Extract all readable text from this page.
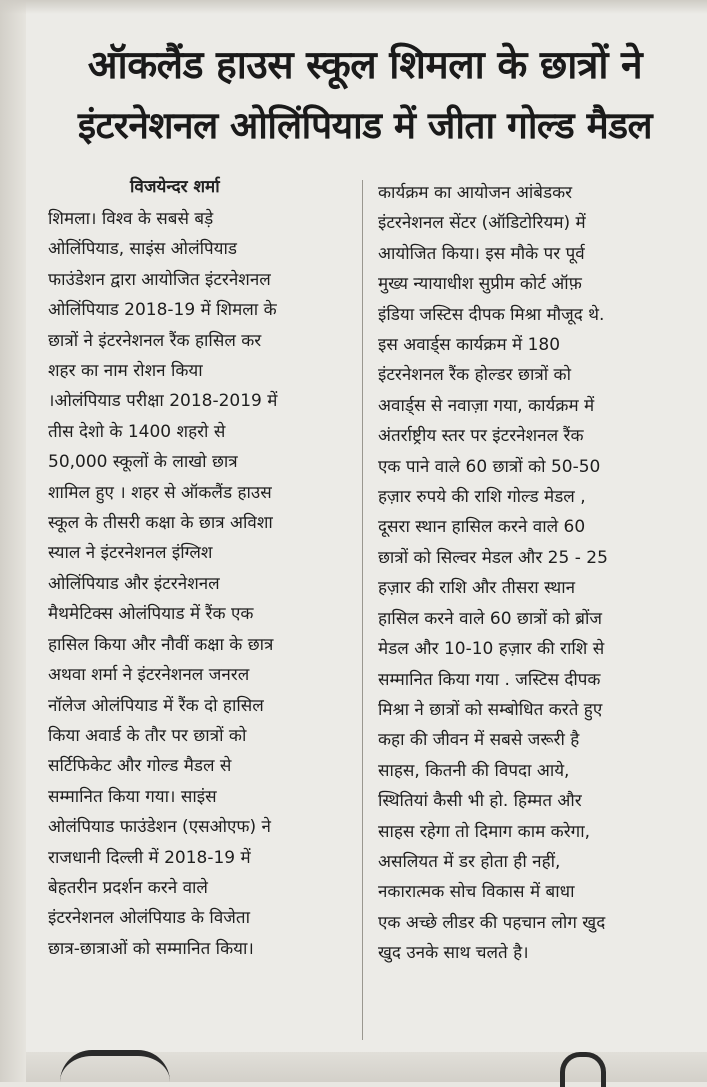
ऑकलैंड हाउस स्कूल शिमला के छात्रों ने
इंटरनेशनल ओलिंपियाड में जीता गोल्ड मैडल
विजयेन्दर शर्मा
शिमला। विश्व के सबसे बड़े
ओलिंपियाड, साइंस ओलंपियाड
फाउंडेशन द्वारा आयोजित इंटरनेशनल
ओलिंपियाड 2018-19 में शिमला के
छात्रों ने इंटरनेशनल रैंक हासिल कर
शहर का नाम रोशन किया
।ओलंपियाड परीक्षा 2018-2019 में
तीस देशो के 1400 शहरो से
50,000 स्कूलों के लाखो छात्र
शामिल हुए । शहर से ऑकलैंड हाउस
स्कूल के तीसरी कक्षा के छात्र अविशा
स्याल ने इंटरनेशनल इंग्लिश
ओलिंपियाड और इंटरनेशनल
मैथमेटिक्स ओलंपियाड में रैंक एक
हासिल किया और नौवीं कक्षा के छात्र
अथवा शर्मा ने इंटरनेशनल जनरल
नॉलेज ओलंपियाड में रैंक दो हासिल
किया अवार्ड के तौर पर छात्रों को
सर्टिफिकेट और गोल्ड मैडल से
सम्मानित किया गया। साइंस
ओलंपियाड फाउंडेशन (एसओएफ) ने
राजधानी दिल्ली में 2018-19 में
बेहतरीन प्रदर्शन करने वाले
इंटरनेशनल ओलंपियाड के विजेता
छात्र-छात्राओं को सम्मानित किया।
कार्यक्रम का आयोजन आंबेडकर
इंटरनेशनल सेंटर (ऑडिटोरियम) में
आयोजित किया। इस मौके पर पूर्व
मुख्य न्यायाधीश सुप्रीम कोर्ट ऑफ़
इंडिया जस्टिस दीपक मिश्रा मौजूद थे.
इस अवार्ड्स कार्यक्रम में 180
इंटरनेशनल रैंक होल्डर छात्रों को
अवार्ड्स से नवाज़ा गया, कार्यक्रम में
अंतर्राष्ट्रीय स्तर पर इंटरनेशनल रैंक
एक पाने वाले 60 छात्रों को 50-50
हज़ार रुपये की राशि गोल्ड मेडल ,
दूसरा स्थान हासिल करने वाले 60
छात्रों को सिल्वर मेडल और 25 - 25
हज़ार की राशि और तीसरा स्थान
हासिल करने वाले 60 छात्रों को ब्रोंज
मेडल और 10-10 हज़ार की राशि से
सम्मानित किया गया . जस्टिस दीपक
मिश्रा ने छात्रों को सम्बोधित करते हुए
कहा की जीवन में सबसे जरूरी है
साहस, कितनी की विपदा आये,
स्थितियां कैसी भी हो. हिम्मत और
साहस रहेगा तो दिमाग काम करेगा,
असलियत में डर होता ही नहीं,
नकारात्मक सोच विकास में बाधा
एक अच्छे लीडर की पहचान लोग खुद
खुद उनके साथ चलते है।
